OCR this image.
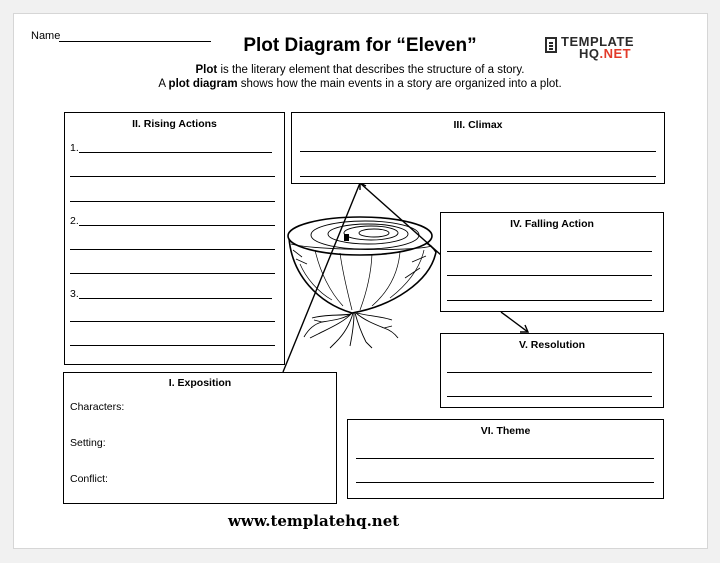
Name	Plot Diagram for “Eleven”
Plot is the literary element that describes the structure of a story.
A plot diagram shows how the main events in a story are organized into a plot.
TEMPLATE
HQ.NET
II. Rising Actions
1.
2.
3.
III. Climax
IV. Falling Action
V. Resolution
I. Exposition
Characters:
Setting:
Conflict:
VI. Theme
www.templatehq.net
